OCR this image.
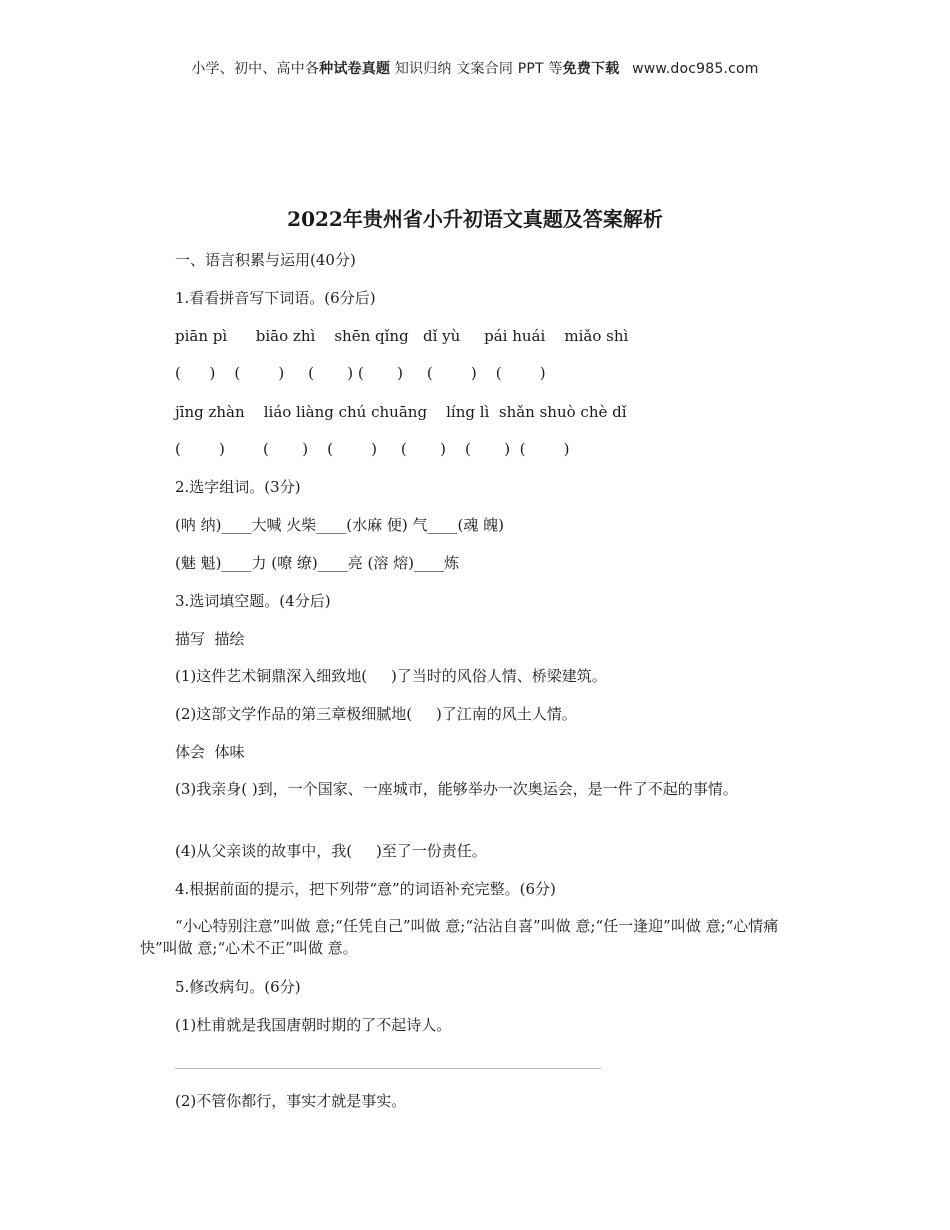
小学、初中、高中各种试卷真题 知识归纳 文案合同 PPT 等免费下载 www.doc985.com
2022年贵州省小升初语文真题及答案解析
一、语言积累与运用(40分)
1.看看拼音写下词语。(6分后)
piān pì      biāo zhì    shēn qǐng   dǐ yù     pái huái    miǎo shì
(      )    (        )     (       ) (       )     (        )    (        )
jīng zhàn    liáo liàng chú chuāng    líng lì  shǎn shuò chè dǐ
(        )        (       )    (        )     (       )    (       )  (        )
2.选字组词。(3分)
(呐 纳)____大喊 火柴____(水麻 便) 气____(魂 魄)
(魅 魁)____力 (嘹 缭)____亮 (溶 熔)____炼
3.选词填空题。(4分后)
描写  描绘
(1)这件艺术铜鼎深入细致地(     )了当时的风俗人情、桥梁建筑。
(2)这部文学作品的第三章极细腻地(     )了江南的风土人情。
体会  体味
(3)我亲身( )到，一个国家、一座城市，能够举办一次奥运会，是一件了不起的事情。
(4)从父亲谈的故事中，我(     )至了一份责任。
4.根据前面的提示，把下列带“意”的词语补充完整。(6分)
“小心特别注意”叫做 意;“任凭自己”叫做 意;“沾沾自喜”叫做 意;“任一逢迎”叫做 意;“心情痛快”叫做 意;“心术不正”叫做 意。
5.修改病句。(6分)
(1)杜甫就是我国唐朝时期的了不起诗人。
(2)不管你都行，事实才就是事实。
